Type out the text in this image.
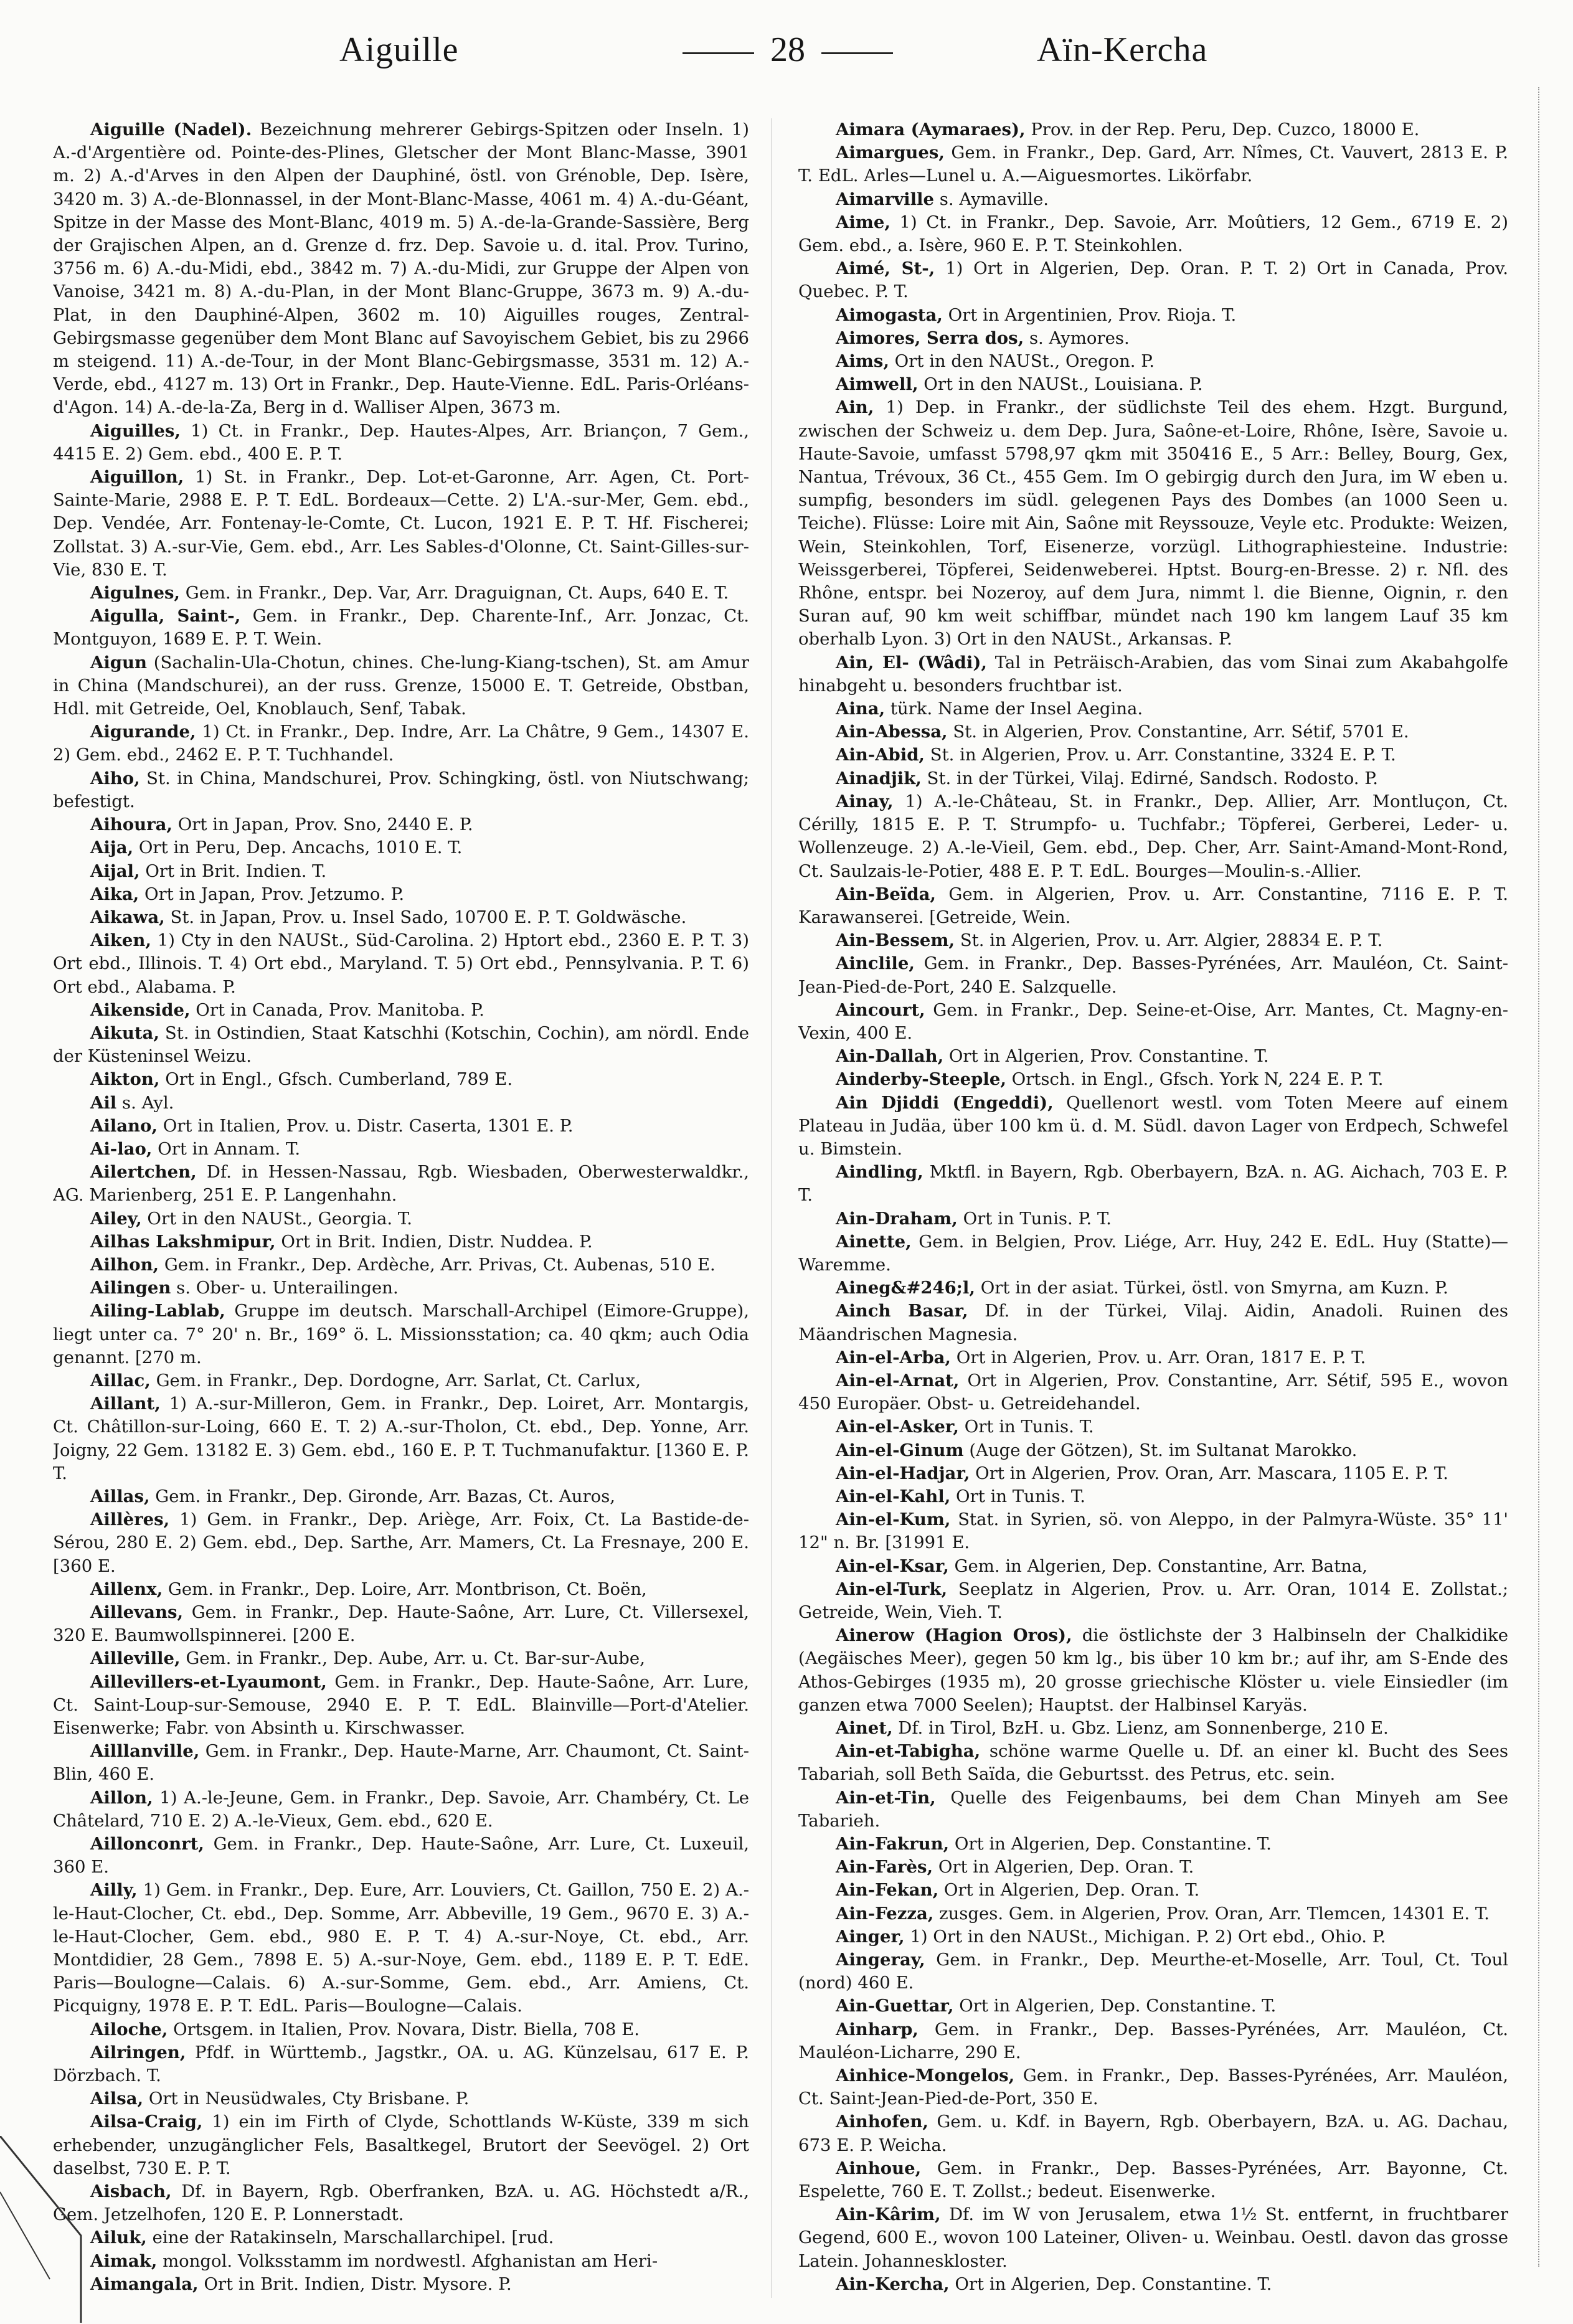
Aiguille	28	Aïn-Kercha

Aiguille (Nadel). Bezeichnung mehrerer Gebirgs-Spitzen oder Inseln. 1) A.-d'Argentière od. Pointe-des-Plines, Gletscher der Mont Blanc-Masse, 3901 m. 2) A.-d'Arves in den Alpen der Dauphiné, östl. von Grénoble, Dep. Isère, 3420 m. 3) A.-de-Blonnassel, in der Mont-Blanc-Masse, 4061 m. 4) A.-du-Géant, Spitze in der Masse des Mont-Blanc, 4019 m. 5) A.-de-la-Grande-Sassière, Berg der Grajischen Alpen, an d. Grenze d. frz. Dep. Savoie u. d. ital. Prov. Turino, 3756 m. 6) A.-du-Midi, ebd., 3842 m. 7) A.-du-Midi, zur Gruppe der Alpen von Vanoise, 3421 m. 8) A.-du-Plan, in der Mont Blanc-Gruppe, 3673 m. 9) A.-du-Plat, in den Dauphiné-Alpen, 3602 m. 10) Aiguilles rouges, Zentral-Gebirgsmasse gegenüber dem Mont Blanc auf Savoyischem Gebiet, bis zu 2966 m steigend. 11) A.-de-Tour, in der Mont Blanc-Gebirgsmasse, 3531 m. 12) A.-Verde, ebd., 4127 m. 13) Ort in Frankr., Dep. Haute-Vienne. EdL. Paris-Orléans-d'Agon. 14) A.-de-la-Za, Berg in d. Walliser Alpen, 3673 m.

Aiguilles, 1) Ct. in Frankr., Dep. Hautes-Alpes, Arr. Briançon, 7 Gem., 4415 E. 2) Gem. ebd., 400 E. P. T.

Aiguillon, 1) St. in Frankr., Dep. Lot-et-Garonne, Arr. Agen, Ct. Port-Sainte-Marie, 2988 E. P. T. EdL. Bordeaux—Cette. 2) L'A.-sur-Mer, Gem. ebd., Dep. Vendée, Arr. Fontenay-le-Comte, Ct. Lucon, 1921 E. P. T. Hf. Fischerei; Zollstat. 3) A.-sur-Vie, Gem. ebd., Arr. Les Sables-d'Olonne, Ct. Saint-Gilles-sur-Vie, 830 E. T.

Aigulnes, Gem. in Frankr., Dep. Var, Arr. Draguignan, Ct. Aups, 640 E. T.

Aigulla, Saint-, Gem. in Frankr., Dep. Charente-Inf., Arr. Jonzac, Ct. Montguyon, 1689 E. P. T. Wein.

Aigun (Sachalin-Ula-Chotun, chines. Che-lung-Kiang-tschen), St. am Amur in China (Mandschurei), an der russ. Grenze, 15000 E. T. Getreide, Obstban, Hdl. mit Getreide, Oel, Knoblauch, Senf, Tabak.

Aigurande, 1) Ct. in Frankr., Dep. Indre, Arr. La Châtre, 9 Gem., 14307 E. 2) Gem. ebd., 2462 E. P. T. Tuchhandel.

Aiho, St. in China, Mandschurei, Prov. Schingking, östl. von Niutschwang; befestigt.

Aihoura, Ort in Japan, Prov. Sno, 2440 E. P.

Aija, Ort in Peru, Dep. Ancachs, 1010 E. T.

Aijal, Ort in Brit. Indien. T.

Aika, Ort in Japan, Prov. Jetzumo. P.

Aikawa, St. in Japan, Prov. u. Insel Sado, 10700 E. P. T. Goldwäsche.

Aiken, 1) Cty in den NAUSt., Süd-Carolina. 2) Hptort ebd., 2360 E. P. T. 3) Ort ebd., Illinois. T. 4) Ort ebd., Maryland. T. 5) Ort ebd., Pennsylvania. P. T. 6) Ort ebd., Alabama. P.

Aikenside, Ort in Canada, Prov. Manitoba. P.

Aikuta, St. in Ostindien, Staat Katschhi (Kotschin, Cochin), am nördl. Ende der Küsteninsel Weizu.

Aikton, Ort in Engl., Gfsch. Cumberland, 789 E.

Ail s. Ayl.

Ailano, Ort in Italien, Prov. u. Distr. Caserta, 1301 E. P.

Ai-lao, Ort in Annam. T.

Ailertchen, Df. in Hessen-Nassau, Rgb. Wiesbaden, Oberwesterwaldkr., AG. Marienberg, 251 E. P. Langenhahn.

Ailey, Ort in den NAUSt., Georgia. T.

Ailhas Lakshmipur, Ort in Brit. Indien, Distr. Nuddea. P.

Ailhon, Gem. in Frankr., Dep. Ardèche, Arr. Privas, Ct. Aubenas, 510 E.

Ailingen s. Ober- u. Unterailingen.

Ailing-Lablab, Gruppe im deutsch. Marschall-Archipel (Eimore-Gruppe), liegt unter ca. 7° 20' n. Br., 169° ö. L. Missionsstation; ca. 40 qkm; auch Odia genannt. [270 m.

Aillac, Gem. in Frankr., Dep. Dordogne, Arr. Sarlat, Ct. Carlux,

Aillant, 1) A.-sur-Milleron, Gem. in Frankr., Dep. Loiret, Arr. Montargis, Ct. Châtillon-sur-Loing, 660 E. T. 2) A.-sur-Tholon, Ct. ebd., Dep. Yonne, Arr. Joigny, 22 Gem. 13182 E. 3) Gem. ebd., 160 E. P. T. Tuchmanufaktur. [1360 E. P. T.

Aillas, Gem. in Frankr., Dep. Gironde, Arr. Bazas, Ct. Auros,

Aillères, 1) Gem. in Frankr., Dep. Ariège, Arr. Foix, Ct. La Bastide-de-Sérou, 280 E. 2) Gem. ebd., Dep. Sarthe, Arr. Mamers, Ct. La Fresnaye, 200 E. [360 E.

Aillenx, Gem. in Frankr., Dep. Loire, Arr. Montbrison, Ct. Boën,

Aillevans, Gem. in Frankr., Dep. Haute-Saône, Arr. Lure, Ct. Villersexel, 320 E. Baumwollspinnerei. [200 E.

Ailleville, Gem. in Frankr., Dep. Aube, Arr. u. Ct. Bar-sur-Aube,

Aillevillers-et-Lyaumont, Gem. in Frankr., Dep. Haute-Saône, Arr. Lure, Ct. Saint-Loup-sur-Semouse, 2940 E. P. T. EdL. Blainville—Port-d'Atelier. Eisenwerke; Fabr. von Absinth u. Kirschwasser.

Ailllanville, Gem. in Frankr., Dep. Haute-Marne, Arr. Chaumont, Ct. Saint-Blin, 460 E.

Aillon, 1) A.-le-Jeune, Gem. in Frankr., Dep. Savoie, Arr. Chambéry, Ct. Le Châtelard, 710 E. 2) A.-le-Vieux, Gem. ebd., 620 E.

Aillonconrt, Gem. in Frankr., Dep. Haute-Saône, Arr. Lure, Ct. Luxeuil, 360 E.

Ailly, 1) Gem. in Frankr., Dep. Eure, Arr. Louviers, Ct. Gaillon, 750 E. 2) A.-le-Haut-Clocher, Ct. ebd., Dep. Somme, Arr. Abbeville, 19 Gem., 9670 E. 3) A.-le-Haut-Clocher, Gem. ebd., 980 E. P. T. 4) A.-sur-Noye, Ct. ebd., Arr. Montdidier, 28 Gem., 7898 E. 5) A.-sur-Noye, Gem. ebd., 1189 E. P. T. EdE. Paris—Boulogne—Calais. 6) A.-sur-Somme, Gem. ebd., Arr. Amiens, Ct. Picquigny, 1978 E. P. T. EdL. Paris—Boulogne—Calais.

Ailoche, Ortsgem. in Italien, Prov. Novara, Distr. Biella, 708 E.

Ailringen, Pfdf. in Württemb., Jagstkr., OA. u. AG. Künzelsau, 617 E. P. Dörzbach. T.

Ailsa, Ort in Neusüdwales, Cty Brisbane. P.

Ailsa-Craig, 1) ein im Firth of Clyde, Schottlands W-Küste, 339 m sich erhebender, unzugänglicher Fels, Basaltkegel, Brutort der Seevögel. 2) Ort daselbst, 730 E. P. T.

Aisbach, Df. in Bayern, Rgb. Oberfranken, BzA. u. AG. Höchstedt a/R., Gem. Jetzelhofen, 120 E. P. Lonnerstadt.

Ailuk, eine der Ratakinseln, Marschallarchipel. [rud.

Aimak, mongol. Volksstamm im nordwestl. Afghanistan am Heri-

Aimangala, Ort in Brit. Indien, Distr. Mysore. P.

Aimara (Aymaraes), Prov. in der Rep. Peru, Dep. Cuzco, 18000 E.

Aimargues, Gem. in Frankr., Dep. Gard, Arr. Nîmes, Ct. Vauvert, 2813 E. P. T. EdL. Arles—Lunel u. A.—Aiguesmortes. Likörfabr.

Aimarville s. Aymaville.

Aime, 1) Ct. in Frankr., Dep. Savoie, Arr. Moûtiers, 12 Gem., 6719 E. 2) Gem. ebd., a. Isère, 960 E. P. T. Steinkohlen.

Aimé, St-, 1) Ort in Algerien, Dep. Oran. P. T. 2) Ort in Canada, Prov. Quebec. P. T.

Aimogasta, Ort in Argentinien, Prov. Rioja. T.

Aimores, Serra dos, s. Aymores.

Aims, Ort in den NAUSt., Oregon. P.

Aimwell, Ort in den NAUSt., Louisiana. P.

Ain, 1) Dep. in Frankr., der südlichste Teil des ehem. Hzgt. Burgund, zwischen der Schweiz u. dem Dep. Jura, Saône-et-Loire, Rhône, Isère, Savoie u. Haute-Savoie, umfasst 5798,97 qkm mit 350416 E., 5 Arr.: Belley, Bourg, Gex, Nantua, Trévoux, 36 Ct., 455 Gem. Im O gebirgig durch den Jura, im W eben u. sumpfig, besonders im südl. gelegenen Pays des Dombes (an 1000 Seen u. Teiche). Flüsse: Loire mit Ain, Saône mit Reyssouze, Veyle etc. Produkte: Weizen, Wein, Steinkohlen, Torf, Eisenerze, vorzügl. Lithographiesteine. Industrie: Weissgerberei, Töpferei, Seidenweberei. Hptst. Bourg-en-Bresse. 2) r. Nfl. des Rhône, entspr. bei Nozeroy, auf dem Jura, nimmt l. die Bienne, Oignin, r. den Suran auf, 90 km weit schiffbar, mündet nach 190 km langem Lauf 35 km oberhalb Lyon. 3) Ort in den NAUSt., Arkansas. P.

Ain, El- (Wâdi), Tal in Peträisch-Arabien, das vom Sinai zum Akabahgolfe hinabgeht u. besonders fruchtbar ist.

Aina, türk. Name der Insel Aegina.

Ain-Abessa, St. in Algerien, Prov. Constantine, Arr. Sétif, 5701 E.

Ain-Abid, St. in Algerien, Prov. u. Arr. Constantine, 3324 E. P. T.

Ainadjik, St. in der Türkei, Vilaj. Edirné, Sandsch. Rodosto. P.

Ainay, 1) A.-le-Château, St. in Frankr., Dep. Allier, Arr. Montluçon, Ct. Cérilly, 1815 E. P. T. Strumpfo- u. Tuchfabr.; Töpferei, Gerberei, Leder- u. Wollenzeuge. 2) A.-le-Vieil, Gem. ebd., Dep. Cher, Arr. Saint-Amand-Mont-Rond, Ct. Saulzais-le-Potier, 488 E. P. T. EdL. Bourges—Moulin-s.-Allier.

Ain-Beïda, Gem. in Algerien, Prov. u. Arr. Constantine, 7116 E. P. T. Karawanserei. [Getreide, Wein.

Ain-Bessem, St. in Algerien, Prov. u. Arr. Algier, 28834 E. P. T.

Ainclile, Gem. in Frankr., Dep. Basses-Pyrénées, Arr. Mauléon, Ct. Saint-Jean-Pied-de-Port, 240 E. Salzquelle.

Aincourt, Gem. in Frankr., Dep. Seine-et-Oise, Arr. Mantes, Ct. Magny-en-Vexin, 400 E.

Ain-Dallah, Ort in Algerien, Prov. Constantine. T.

Ainderby-Steeple, Ortsch. in Engl., Gfsch. York N, 224 E. P. T.

Ain Djiddi (Engeddi), Quellenort westl. vom Toten Meere auf einem Plateau in Judäa, über 100 km ü. d. M. Südl. davon Lager von Erdpech, Schwefel u. Bimstein.

Aindling, Mktfl. in Bayern, Rgb. Oberbayern, BzA. n. AG. Aichach, 703 E. P. T.

Ain-Draham, Ort in Tunis. P. T.

Ainette, Gem. in Belgien, Prov. Liége, Arr. Huy, 242 E. EdL. Huy (Statte)—Waremme.

Aineg&#246;l, Ort in der asiat. Türkei, östl. von Smyrna, am Kuzn. P.

Ainch Basar, Df. in der Türkei, Vilaj. Aidin, Anadoli. Ruinen des Mäandrischen Magnesia.

Ain-el-Arba, Ort in Algerien, Prov. u. Arr. Oran, 1817 E. P. T.

Ain-el-Arnat, Ort in Algerien, Prov. Constantine, Arr. Sétif, 595 E., wovon 450 Europäer. Obst- u. Getreidehandel.

Ain-el-Asker, Ort in Tunis. T.

Ain-el-Ginum (Auge der Götzen), St. im Sultanat Marokko.

Ain-el-Hadjar, Ort in Algerien, Prov. Oran, Arr. Mascara, 1105 E. P. T.

Ain-el-Kahl, Ort in Tunis. T.

Ain-el-Kum, Stat. in Syrien, sö. von Aleppo, in der Palmyra-Wüste. 35° 11' 12" n. Br. [31991 E.

Ain-el-Ksar, Gem. in Algerien, Dep. Constantine, Arr. Batna,

Ain-el-Turk, Seeplatz in Algerien, Prov. u. Arr. Oran, 1014 E. Zollstat.; Getreide, Wein, Vieh. T.

Ainerow (Hagion Oros), die östlichste der 3 Halbinseln der Chalkidike (Aegäisches Meer), gegen 50 km lg., bis über 10 km br.; auf ihr, am S-Ende des Athos-Gebirges (1935 m), 20 grosse griechische Klöster u. viele Einsiedler (im ganzen etwa 7000 Seelen); Hauptst. der Halbinsel Karyäs.

Ainet, Df. in Tirol, BzH. u. Gbz. Lienz, am Sonnenberge, 210 E.

Ain-et-Tabigha, schöne warme Quelle u. Df. an einer kl. Bucht des Sees Tabariah, soll Beth Saïda, die Geburtsst. des Petrus, etc. sein.

Ain-et-Tin, Quelle des Feigenbaums, bei dem Chan Minyeh am See Tabarieh.

Ain-Fakrun, Ort in Algerien, Dep. Constantine. T.

Ain-Farès, Ort in Algerien, Dep. Oran. T.

Ain-Fekan, Ort in Algerien, Dep. Oran. T.

Ain-Fezza, zusges. Gem. in Algerien, Prov. Oran, Arr. Tlemcen, 14301 E. T.

Ainger, 1) Ort in den NAUSt., Michigan. P. 2) Ort ebd., Ohio. P.

Aingeray, Gem. in Frankr., Dep. Meurthe-et-Moselle, Arr. Toul, Ct. Toul (nord) 460 E.

Ain-Guettar, Ort in Algerien, Dep. Constantine. T.

Ainharp, Gem. in Frankr., Dep. Basses-Pyrénées, Arr. Mauléon, Ct. Mauléon-Licharre, 290 E.

Ainhice-Mongelos, Gem. in Frankr., Dep. Basses-Pyrénées, Arr. Mauléon, Ct. Saint-Jean-Pied-de-Port, 350 E.

Ainhofen, Gem. u. Kdf. in Bayern, Rgb. Oberbayern, BzA. u. AG. Dachau, 673 E. P. Weicha.

Ainhoue, Gem. in Frankr., Dep. Basses-Pyrénées, Arr. Bayonne, Ct. Espelette, 760 E. T. Zollst.; bedeut. Eisenwerke.

Ain-Kârim, Df. im W von Jerusalem, etwa 1½ St. entfernt, in fruchtbarer Gegend, 600 E., wovon 100 Lateiner, Oliven- u. Weinbau. Oestl. davon das grosse Latein. Johanneskloster.

Ain-Kercha, Ort in Algerien, Dep. Constantine. T.
